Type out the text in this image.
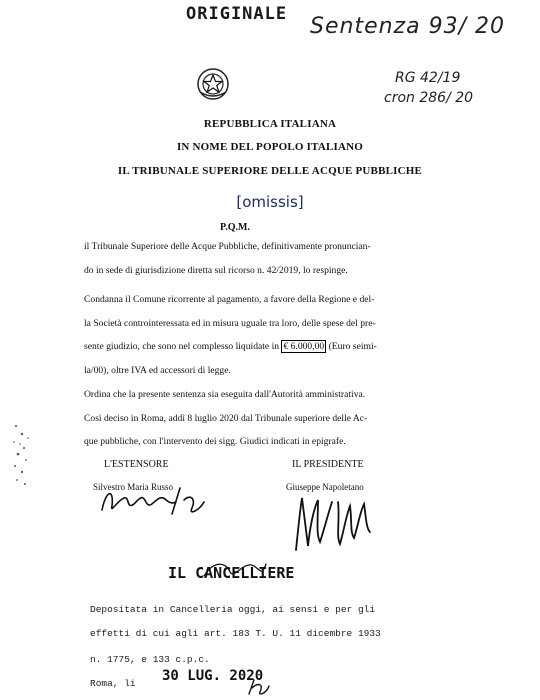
ORIGINALE Sentenza 93/ 20
RG 42/19
cron 286/ 20
REPUBBLICA ITALIANA
IN NOME DEL POPOLO ITALIANO
IL TRIBUNALE SUPERIORE DELLE ACQUE PUBBLICHE
[omissis]
P.Q.M.
il Tribunale Superiore delle Acque Pubbliche, definitivamente pronuncian-
do in sede di giurisdizione diretta sul ricorso n. 42/2019, lo respinge.
Condanna il Comune ricorrente al pagamento, a favore della Regione e del-
la Società controinteressata ed in misura uguale tra loro, delle spese del pre-
sente giudizio, che sono nel complesso liquidate in € 6.000,00 (Euro seimi-
la/00), oltre IVA ed accessori di legge.
Ordina che la presente sentenza sia eseguita dall'Autorità amministrativa.
Così deciso in Roma, addì 8 luglio 2020 dal Tribunale superiore delle Ac-
que pubbliche, con l'intervento dei sigg. Giudici indicati in epigrafe.
L'ESTENSORE
Silvestro Maria Russo
IL PRESIDENTE
Giuseppe Napoletano
IL CANCELLIERE
Depositata in Cancelleria oggi, ai sensi e per gli
effetti di cui agli art. 183 T. U. 11 dicembre 1933
n. 1775, e 133 c.p.c.
Roma, li 30 LUG. 2020
